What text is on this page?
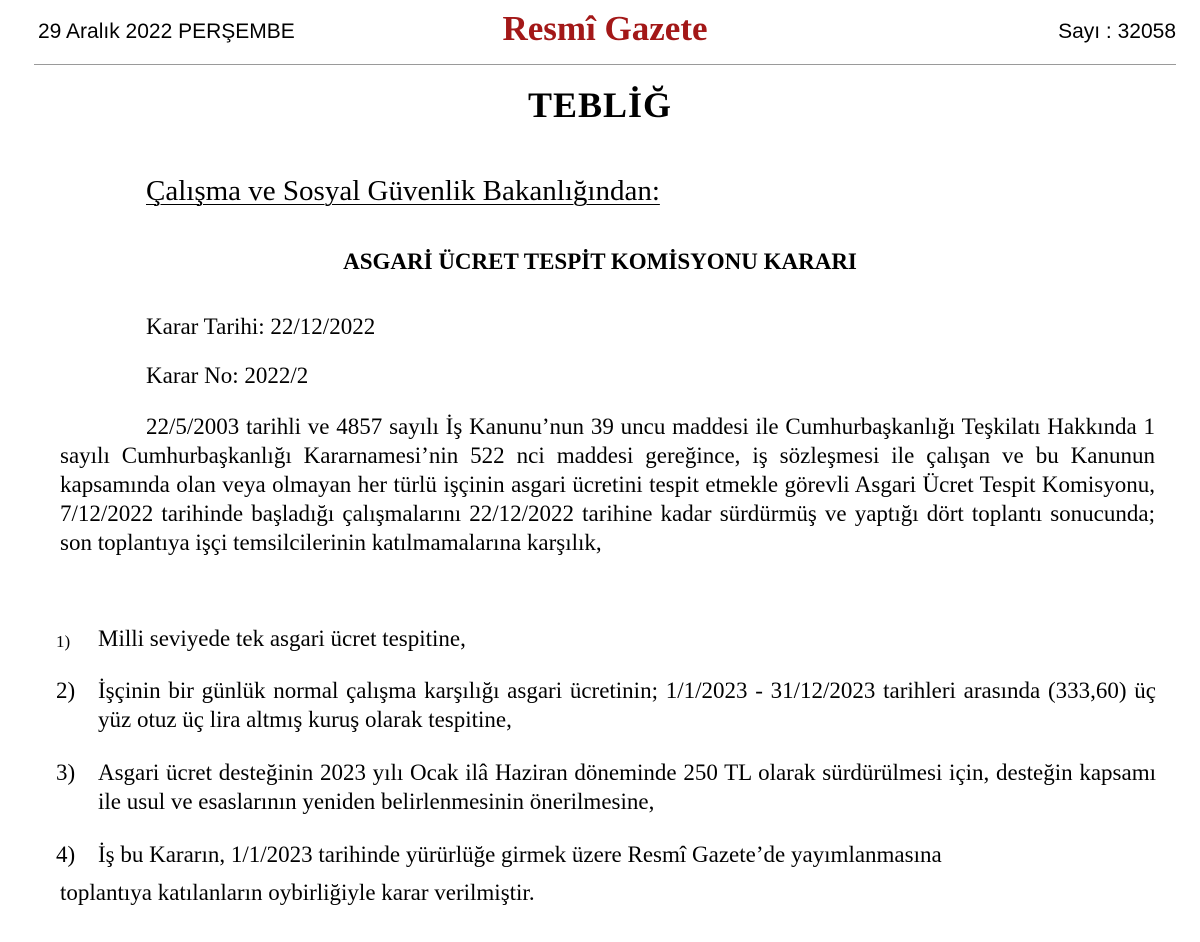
29 Aralık 2022 PERŞEMBE	Resmî Gazete	Sayı : 32058
TEBLİĞ
Çalışma ve Sosyal Güvenlik Bakanlığından:
ASGARİ ÜCRET TESPİT KOMİSYONU KARARI
Karar Tarihi: 22/12/2022
Karar No: 2022/2
22/5/2003 tarihli ve 4857 sayılı İş Kanunu’nun 39 uncu maddesi ile Cumhurbaşkanlığı Teşkilatı Hakkında 1 sayılı Cumhurbaşkanlığı Kararnamesi’nin 522 nci maddesi gereğince, iş sözleşmesi ile çalışan ve bu Kanunun kapsamında olan veya olmayan her türlü işçinin asgari ücretini tespit etmekle görevli Asgari Ücret Tespit Komisyonu, 7/12/2022 tarihinde başladığı çalışmalarını 22/12/2022 tarihine kadar sürdürmüş ve yaptığı dört toplantı sonucunda; son toplantıya işçi temsilcilerinin katılmamalarına karşılık,
1) Milli seviyede tek asgari ücret tespitine,
2) İşçinin bir günlük normal çalışma karşılığı asgari ücretinin; 1/1/2023 - 31/12/2023 tarihleri arasında (333,60) üç yüz otuz üç lira altmış kuruş olarak tespitine,
3) Asgari ücret desteğinin 2023 yılı Ocak ilâ Haziran döneminde 250 TL olarak sürdürülmesi için, desteğin kapsamı ile usul ve esaslarının yeniden belirlenmesinin önerilmesine,
4) İş bu Kararın, 1/1/2023 tarihinde yürürlüğe girmek üzere Resmî Gazete’de yayımlanmasına
toplantıya katılanların oybirliğiyle karar verilmiştir.
